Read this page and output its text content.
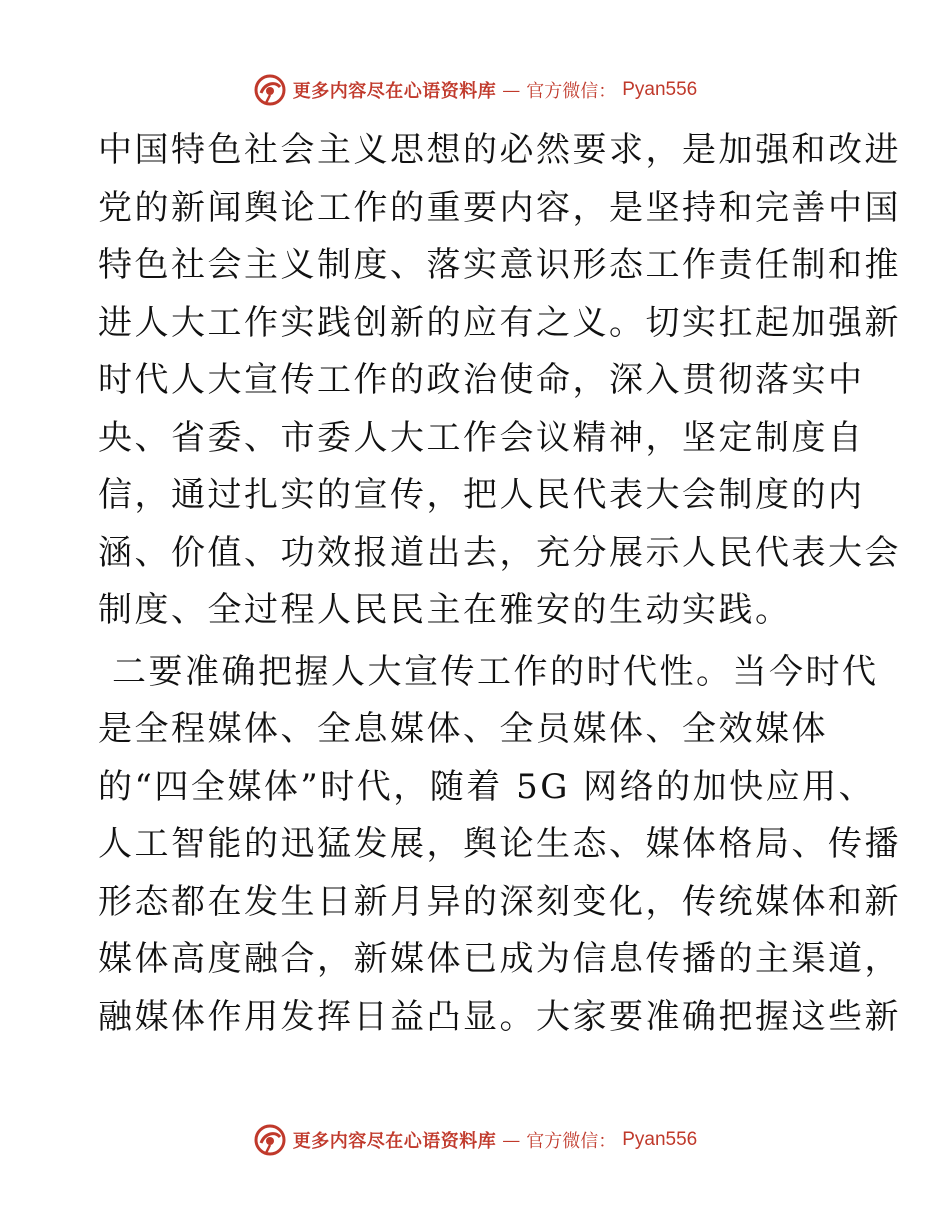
更多内容尽在心语资料库 — 官方微信： Pyan556
中国特色社会主义思想的必然要求，是加强和改进
党的新闻舆论工作的重要内容，是坚持和完善中国
特色社会主义制度、落实意识形态工作责任制和推
进人大工作实践创新的应有之义。切实扛起加强新
时代人大宣传工作的政治使命，深入贯彻落实中
央、省委、市委人大工作会议精神，坚定制度自
信，通过扎实的宣传，把人民代表大会制度的内
涵、价值、功效报道出去，充分展示人民代表大会
制度、全过程人民民主在雅安的生动实践。
二要准确把握人大宣传工作的时代性。当今时代
是全程媒体、全息媒体、全员媒体、全效媒体
的“四全媒体”时代，随着 5G 网络的加快应用、
人工智能的迅猛发展，舆论生态、媒体格局、传播
形态都在发生日新月异的深刻变化，传统媒体和新
媒体高度融合，新媒体已成为信息传播的主渠道，
融媒体作用发挥日益凸显。大家要准确把握这些新
更多内容尽在心语资料库 — 官方微信： Pyan556
